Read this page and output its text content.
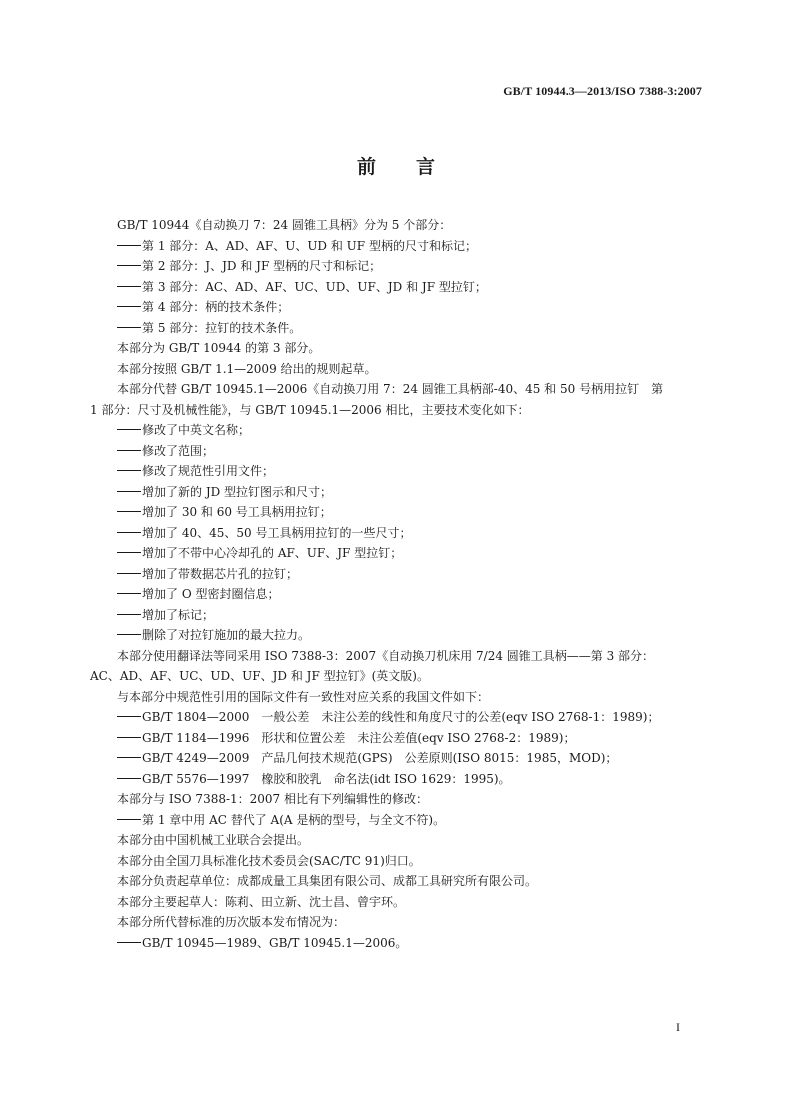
GB/T 10944.3—2013/ISO 7388-3:2007
前言
GB/T 10944《自动换刀 7：24 圆锥工具柄》分为 5 个部分：
第 1 部分：A、AD、AF、U、UD 和 UF 型柄的尺寸和标记；
第 2 部分：J、JD 和 JF 型柄的尺寸和标记；
第 3 部分：AC、AD、AF、UC、UD、UF、JD 和 JF 型拉钉；
第 4 部分：柄的技术条件；
第 5 部分：拉钉的技术条件。
本部分为 GB/T 10944 的第 3 部分。
本部分按照 GB/T 1.1—2009 给出的规则起草。
本部分代替 GB/T 10945.1—2006《自动换刀用 7：24 圆锥工具柄部-40、45 和 50 号柄用拉钉　第
1 部分：尺寸及机械性能》，与 GB/T 10945.1—2006 相比，主要技术变化如下：
修改了中英文名称；
修改了范围；
修改了规范性引用文件；
增加了新的 JD 型拉钉图示和尺寸；
增加了 30 和 60 号工具柄用拉钉；
增加了 40、45、50 号工具柄用拉钉的一些尺寸；
增加了不带中心冷却孔的 AF、UF、JF 型拉钉；
增加了带数据芯片孔的拉钉；
增加了 O 型密封圈信息；
增加了标记；
删除了对拉钉施加的最大拉力。
本部分使用翻译法等同采用 ISO 7388-3：2007《自动换刀机床用 7/24 圆锥工具柄——第 3 部分：
AC、AD、AF、UC、UD、UF、JD 和 JF 型拉钉》(英文版)。
与本部分中规范性引用的国际文件有一致性对应关系的我国文件如下：
GB/T 1804—2000　一般公差　未注公差的线性和角度尺寸的公差(eqv ISO 2768-1：1989)；
GB/T 1184—1996　形状和位置公差　未注公差值(eqv ISO 2768-2：1989)；
GB/T 4249—2009　产品几何技术规范(GPS)　公差原则(ISO 8015：1985，MOD)；
GB/T 5576—1997　橡胶和胶乳　命名法(idt ISO 1629：1995)。
本部分与 ISO 7388-1：2007 相比有下列编辑性的修改：
第 1 章中用 AC 替代了 A(A 是柄的型号，与全文不符)。
本部分由中国机械工业联合会提出。
本部分由全国刀具标准化技术委员会(SAC/TC 91)归口。
本部分负责起草单位：成都成量工具集团有限公司、成都工具研究所有限公司。
本部分主要起草人：陈莉、田立新、沈士昌、曾宇环。
本部分所代替标准的历次版本发布情况为：
GB/T 10945—1989、GB/T 10945.1—2006。
I
